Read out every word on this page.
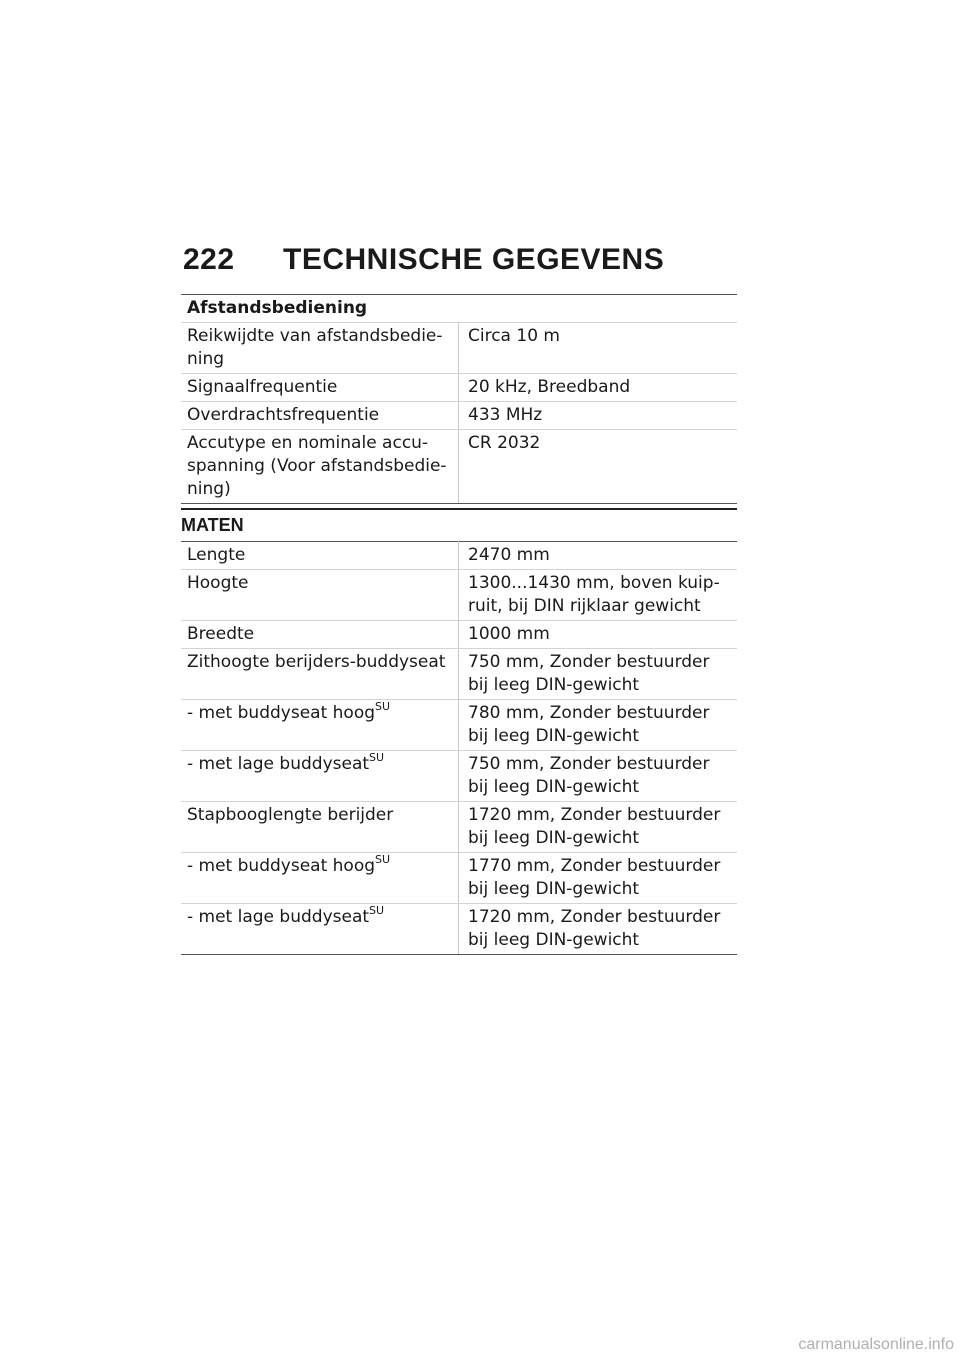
222 TECHNISCHE GEGEVENS
Afstandsbediening	

Reikwijdte van afstandsbedie-
ning	Circa 10 m

Signaalfrequentie	20 kHz, Breedband

Overdrachtsfrequentie	433 MHz

Accutype en nominale accu-
spanning (Voor afstandsbedie-
ning)	CR 2032
MATEN
Lengte	2470 mm

Hoogte	1300...1430 mm, boven kuip-
ruit, bij DIN rijklaar gewicht

Breedte	1000 mm

Zithoogte berijders-buddyseat	750 mm, Zonder bestuurder
bij leeg DIN-gewicht

- met buddyseat hoog$^{SU}$	780 mm, Zonder bestuurder
bij leeg DIN-gewicht

- met lage buddyseat$^{SU}$	750 mm, Zonder bestuurder
bij leeg DIN-gewicht

Stapbooglengte berijder	1720 mm, Zonder bestuurder
bij leeg DIN-gewicht

- met buddyseat hoog$^{SU}$	1770 mm, Zonder bestuurder
bij leeg DIN-gewicht

- met lage buddyseat$^{SU}$	1720 mm, Zonder bestuurder
bij leeg DIN-gewicht
carmanualsonline.info
